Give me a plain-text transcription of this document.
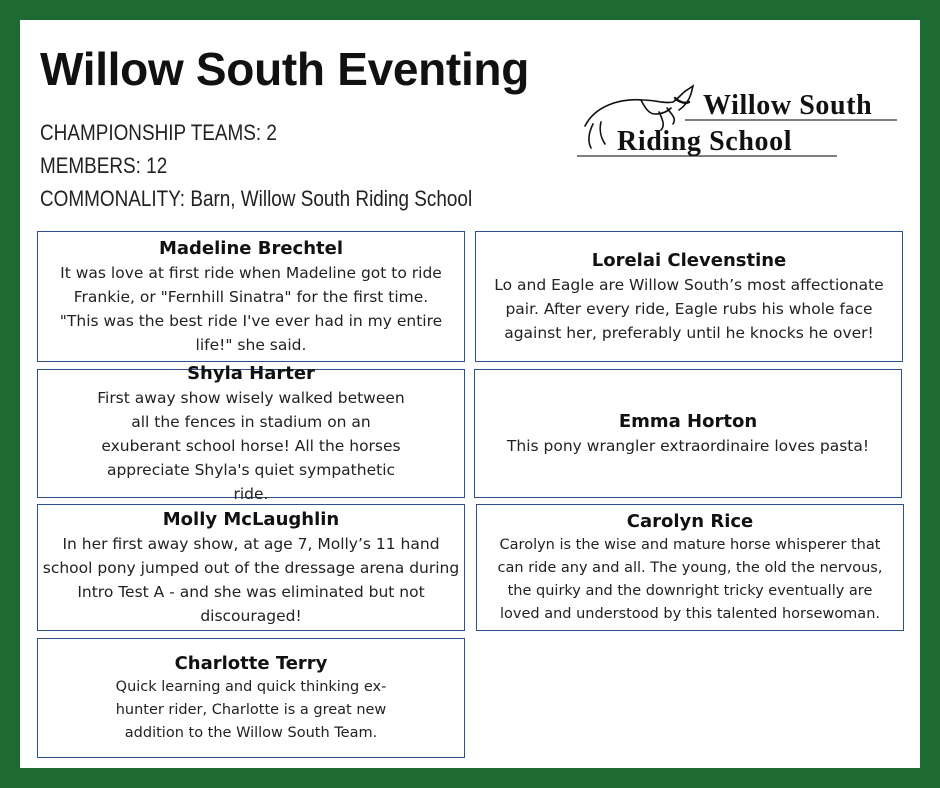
Willow South Eventing
CHAMPIONSHIP TEAMS: 2
MEMBERS: 12
COMMONALITY: Barn, Willow South Riding School
Willow South
Riding School
Madeline Brechtel
It was love at first ride when Madeline got to ride Frankie, or "Fernhill Sinatra" for the first time. "This was the best ride I've ever had in my entire life!" she said.
Lorelai Clevenstine
Lo and Eagle are Willow South’s most affectionate pair. After every ride, Eagle rubs his whole face against her, preferably until he knocks he over!
Shyla Harter
First away show wisely walked between all the fences in stadium on an exuberant school horse! All the horses appreciate Shyla's quiet sympathetic ride.
Emma Horton
This pony wrangler extraordinaire loves pasta!
Molly McLaughlin
In her first away show, at age 7, Molly’s 11 hand school pony jumped out of the dressage arena during Intro Test A - and she was eliminated but not discouraged!
Carolyn Rice
Carolyn is the wise and mature horse whisperer that can ride any and all. The young, the old the nervous, the quirky and the downright tricky eventually are loved and understood by this talented horsewoman.
Charlotte Terry
Quick learning and quick thinking ex-hunter rider, Charlotte is a great new addition to the Willow South Team.
